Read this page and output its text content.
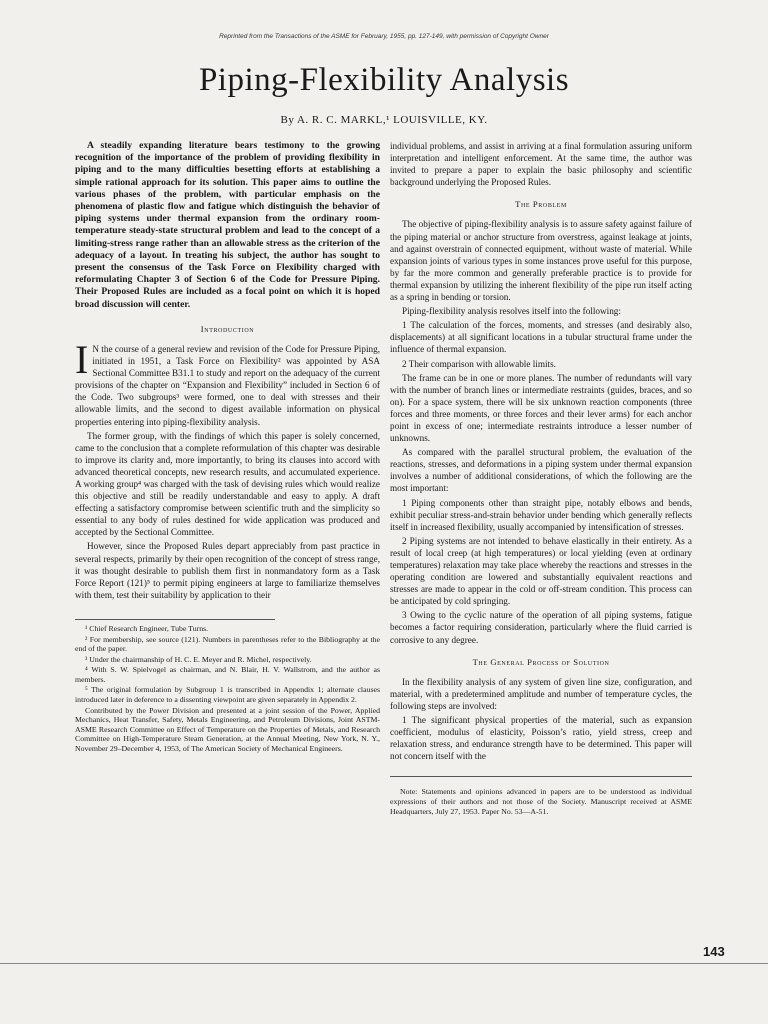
Reprinted from the Transactions of the ASME for February, 1955, pp. 127-149, with permission of Copyright Owner
Piping-Flexibility Analysis
By A. R. C. MARKL,¹ LOUISVILLE, KY.

A steadily expanding literature bears testimony to the growing recognition of the importance of the problem of providing flexibility in piping and to the many difficulties besetting efforts at establishing a simple rational approach for its solution. This paper aims to outline the various phases of the problem, with particular emphasis on the phenomena of plastic flow and fatigue which distinguish the behavior of piping systems under thermal expansion from the ordinary room-temperature steady-state structural problem and lead to the concept of a limiting-stress range rather than an allowable stress as the criterion of the adequacy of a layout. In treating his subject, the author has sought to present the consensus of the Task Force on Flexibility charged with reformulating Chapter 3 of Section 6 of the Code for Pressure Piping. Their Proposed Rules are included as a focal point on which it is hoped broad discussion will center.

Introduction

I N the course of a general review and revision of the Code for Pressure Piping, initiated in 1951, a Task Force on Flexibility² was appointed by ASA Sectional Committee B31.1 to study and report on the adequacy of the current provisions of the chapter on “Expansion and Flexibility” included in Section 6 of the Code. Two subgroups³ were formed, one to deal with stresses and their allowable limits, and the second to digest available information on physical properties entering into piping-flexibility analysis.

The former group, with the findings of which this paper is solely concerned, came to the conclusion that a complete reformulation of this chapter was desirable to improve its clarity and, more importantly, to bring its clauses into accord with advanced theoretical concepts, new research results, and accumulated experience. A working group⁴ was charged with the task of devising rules which would realize this objective and still be readily understandable and easy to apply. A draft effecting a satisfactory compromise between scientific truth and the simplicity so essential to any body of rules destined for wide application was produced and accepted by the Sectional Committee.

However, since the Proposed Rules depart appreciably from past practice in several respects, primarily by their open recognition of the concept of stress range, it was thought desirable to publish them first in nonmandatory form as a Task Force Report (121)⁵ to permit piping engineers at large to familiarize themselves with them, test their suitability by application to their

¹ Chief Research Engineer, Tube Turns.

² For membership, see source (121). Numbers in parentheses refer to the Bibliography at the end of the paper.

³ Under the chairmanship of H. C. E. Meyer and R. Michel, respectively.

⁴ With S. W. Spielvogel as chairman, and N. Blair, H. V. Wallstrom, and the author as members.

⁵ The original formulation by Subgroup 1 is transcribed in Appendix 1; alternate clauses introduced later in deference to a dissenting viewpoint are given separately in Appendix 2.

Contributed by the Power Division and presented at a joint session of the Power, Applied Mechanics, Heat Transfer, Safety, Metals Engineering, and Petroleum Divisions, Joint ASTM-ASME Research Committee on Effect of Temperature on the Properties of Metals, and Research Committee on High-Temperature Steam Generation, at the Annual Meeting, New York, N. Y., November 29–December 4, 1953, of The American Society of Mechanical Engineers.

individual problems, and assist in arriving at a final formulation assuring uniform interpretation and intelligent enforcement. At the same time, the author was invited to prepare a paper to explain the basic philosophy and scientific background underlying the Proposed Rules.

The Problem

The objective of piping-flexibility analysis is to assure safety against failure of the piping material or anchor structure from overstress, against leakage at joints, and against overstrain of connected equipment, without waste of material. While expansion joints of various types in some instances prove useful for this purpose, by far the more common and generally preferable practice is to provide for thermal expansion by utilizing the inherent flexibility of the pipe run itself acting as a spring in bending or torsion.

Piping-flexibility analysis resolves itself into the following:

1 The calculation of the forces, moments, and stresses (and desirably also, displacements) at all significant locations in a tubular structural frame under the influence of thermal expansion.

2 Their comparison with allowable limits.

The frame can be in one or more planes. The number of redundants will vary with the number of branch lines or intermediate restraints (guides, braces, and so on). For a space system, there will be six unknown reaction components (three forces and three moments, or three forces and their lever arms) for each anchor point in excess of one; intermediate restraints introduce a lesser number of unknowns.

As compared with the parallel structural problem, the evaluation of the reactions, stresses, and deformations in a piping system under thermal expansion involves a number of additional considerations, of which the following are the most important:

1 Piping components other than straight pipe, notably elbows and bends, exhibit peculiar stress-and-strain behavior under bending which generally reflects itself in increased flexibility, usually accompanied by intensification of stresses.

2 Piping systems are not intended to behave elastically in their entirety. As a result of local creep (at high temperatures) or local yielding (even at ordinary temperatures) relaxation may take place whereby the reactions and stresses in the operating condition are lowered and substantially equivalent reactions and stresses are made to appear in the cold or off-stream condition. This process can be anticipated by cold springing.

3 Owing to the cyclic nature of the operation of all piping systems, fatigue becomes a factor requiring consideration, particularly where the fluid carried is corrosive to any degree.

The General Process of Solution

In the flexibility analysis of any system of given line size, configuration, and material, with a predetermined amplitude and number of temperature cycles, the following steps are involved:

1 The significant physical properties of the material, such as expansion coefficient, modulus of elasticity, Poisson’s ratio, yield stress, creep and relaxation stress, and endurance strength have to be determined. This paper will not concern itself with the

Note: Statements and opinions advanced in papers are to be understood as individual expressions of their authors and not those of the Society. Manuscript received at ASME Headquarters, July 27, 1953. Paper No. 53—A-51.

143
